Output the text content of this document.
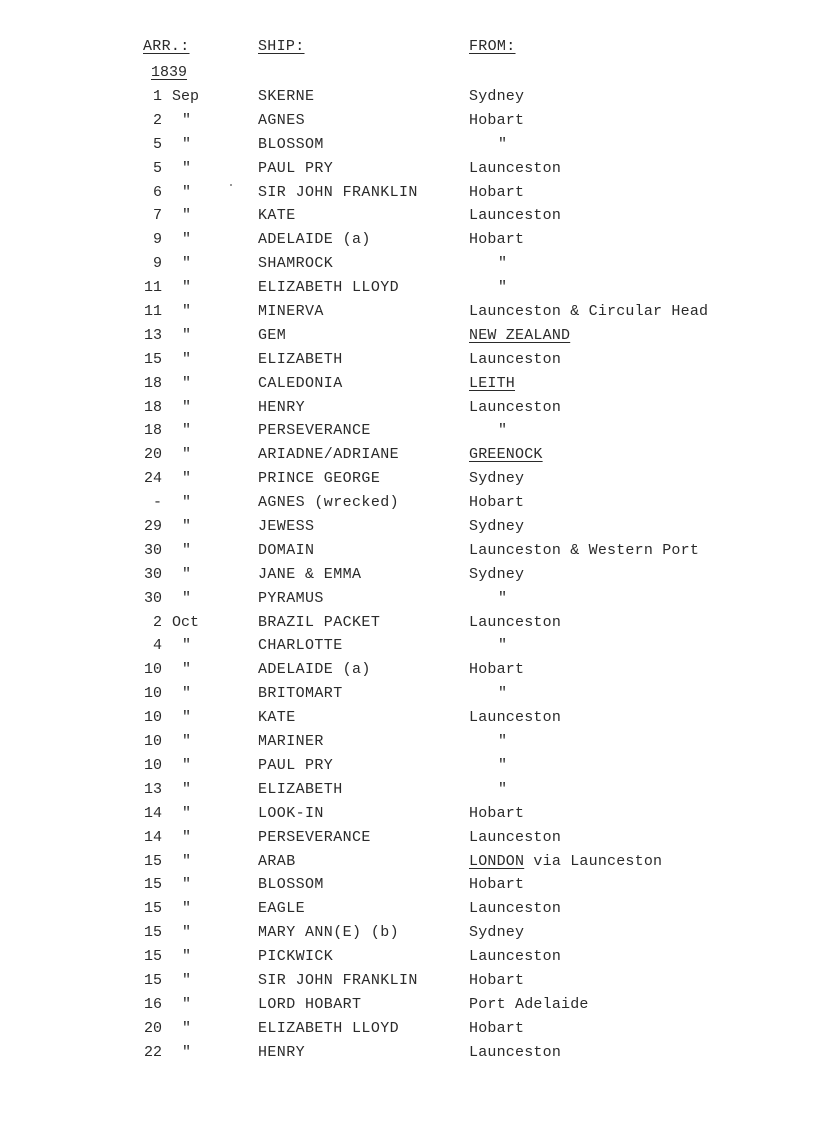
ARR.:	SHIP:	FROM:
1839
1 Sep	SKERNE	Sydney
2 "	AGNES	Hobart
5 "	BLOSSOM	"
5 "	PAUL PRY	Launceston
6 "	SIR JOHN FRANKLIN	Hobart
7 "	KATE	Launceston
9 "	ADELAIDE (a)	Hobart
9 "	SHAMROCK	"
11 "	ELIZABETH LLOYD	"
11 "	MINERVA	Launceston & Circular Head
13 "	GEM	NEW ZEALAND
15 "	ELIZABETH	Launceston
18 "	CALEDONIA	LEITH
18 "	HENRY	Launceston
18 "	PERSEVERANCE	"
20 "	ARIADNE/ADRIANE	GREENOCK
24 "	PRINCE GEORGE	Sydney
- "	AGNES (wrecked)	Hobart
29 "	JEWESS	Sydney
30 "	DOMAIN	Launceston & Western Port
30 "	JANE & EMMA	Sydney
30 "	PYRAMUS	"
2 Oct	BRAZIL PACKET	Launceston
4 "	CHARLOTTE	"
10 "	ADELAIDE (a)	Hobart
10 "	BRITOMART	"
10 "	KATE	Launceston
10 "	MARINER	"
10 "	PAUL PRY	"
13 "	ELIZABETH	"
14 "	LOOK-IN	Hobart
14 "	PERSEVERANCE	Launceston
15 "	ARAB	LONDON via Launceston
15 "	BLOSSOM	Hobart
15 "	EAGLE	Launceston
15 "	MARY ANN(E) (b)	Sydney
15 "	PICKWICK	Launceston
15 "	SIR JOHN FRANKLIN	Hobart
16 "	LORD HOBART	Port Adelaide
20 "	ELIZABETH LLOYD	Hobart
22 "	HENRY	Launceston
